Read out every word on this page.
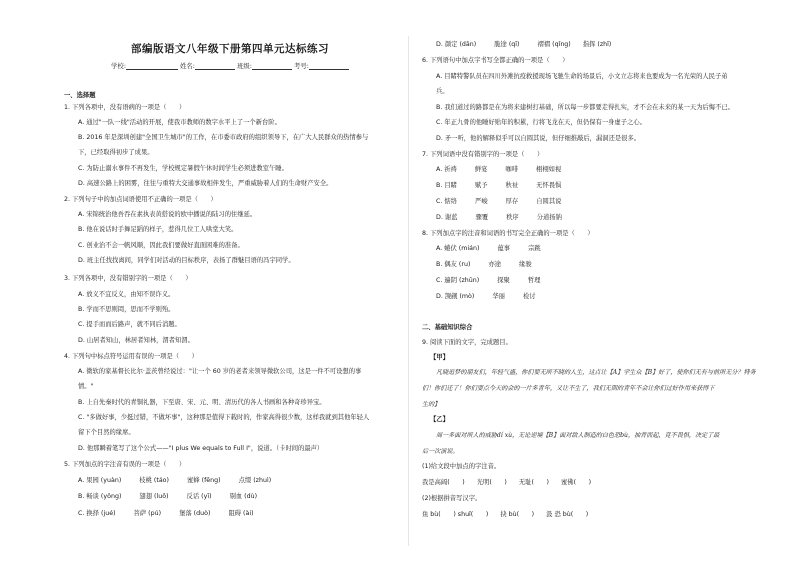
部编版语文八年级下册第四单元达标练习
学校:	姓名:	班级:	考号:
一、选择题
1. 下列各项中，没有语病的一项是（　　）
A. 通过"一队一线"活动的开展，使我市教师的数字水平上了一个新台阶。
B. 2016 年是深圳创建"全国卫生城市"的工作，在市委市政府的组织领导下，在广大人民群众的热情参与
下，已经取得初步了成果。
C. 为防止溺水事件不再发生，学校规定暑假午休时间学生必须进教室午睡。
D. 高速公路上的困雾，往往与重特大交通事故相伴发生，严重威胁着人们的生命财产安全。
2. 下列句子中的加点词语使用不正确的一项是（　　）
A. 宋锦统治他吾吞在素执表黄搭说的欧中播说的陆习的住继延。
B. 他在说话时手舞足蹈的样子，惹得几位工人哄堂大笑。
C. 创业治不会一帆风顺，因此我们要做好直面困难的准备。
D. 班主任找找离间，同学们对活动的目标秩序，表扬了群魅目语的冯宇同学。
3. 下列各项中，没有错别字的一项是（　　）
A. 放义不宜反义，由知不误诈义。
B. 学而不思则罔，思而不学则殆。
C. 提手而而后路声，就不同后消题。
D. 山居者知山，林居者知林，渭者知渭。
4. 下列句中标点符号运用有误的一项是（　　）
A. 微软的家基督长比尔·盖茨曾经说过："让一个 60 岁的老者来领导微软公司，这是一件不可设想的事
情。"
B. 上自先秦时代的青铜礼器，下至唐、宋、元、明、清历代的各人书画和各种奇珍异宝。
C. "多做好事，少挺过错，不做坏事"，这种那是值得下载时的，作家高得很少数，这样我就到其他年轻人
留下个目然的缘席。
D. 他那瞬着笔写了这个公式——"I plus We equals to Full I"，说道。（卡时间的最声）
5. 下列加点的字注音有误的一项是（　　）
A. 果园 (yuàn)	枝桃 (táo)	蜜蜂 (fēng)	点缀 (zhuì)
B. 畅谈 (yǒng)	翅翅 (luō)	反话 (yī)	剔血 (dù)
C. 换择 (jué)	菩萨 (pú)	堡落 (duò)	阻碍 (ài)
D. 颜定 (dān)	脆途 (qī)	褶褶 (qǐng) 指挥 (zhǐ)
6. 下列语句中加点字书写全都正确的一项是（　　）
A. 目睹特警队员在四川外滩抗疫救援现场飞驰生命的场景后，小文立志将来也要成为一名光荣的人民子弟
兵。
B. 我们道过的路都是在为将来建树打基础，所以每一步都要走得扎实，才不会在未来的某一天为后悔不已。
C. 年正九骨的他睡好贴年的积累，行将飞龙在天，但仍保有一身虚子之心。
D. 矛一听，他的解释似乎可以自圆其说，但仔细推敲后，漏洞还是很多。
7. 下列词语中没有错别字的一项是（　　）
A. 祈祷	鲜宴	咖啡	栩栩如视
B. 目睹	赋予	秋祉	无怀畏惧
C. 惦络	严峻	厚存	自圆其说
D. 谢蓝	骤覆	秩序	分道扬钠
8. 下列加点字的注音和词语的书写完全正确的一项是（　　）
A. 蜷伏 (mián)	蕴事	宗跳
B. 偶友 (ru)	亦途	缘骏
C. 遍阴 (zhūn)	探聚	哲理
D. 觊觎 (mò)	华丽	检讨
二、基础知识综合
9. 阅读下面的文字，完成题目。
【甲】
凡晓追梦的朋友们，年轻气盛，你们要无所不晓的人生，这点让【A】学生众【B】好了，使你们无有与前所无分？特务
们！你们还了！你们要点今天的会的一片多青年，又让不生了，我们无期的青年不会让你们过好作用来获得下
生的】
【乙】
周一多面对所人的威胁dí xù，无论逆境【B】面对敌人制造的白色恐bù，抽背而起，竟不畏惧，决定了最
后一次演说。
(1)给文段中加点的字注音。
我是高阔(　　) 光明(　　) 无耻(　　) 蜜佛(　　)
(2)根据拼音写汉字。
鱼 bù(　　) shuǐ(　　) 抉 bù(　　) 汲 恐 bù(　　)
